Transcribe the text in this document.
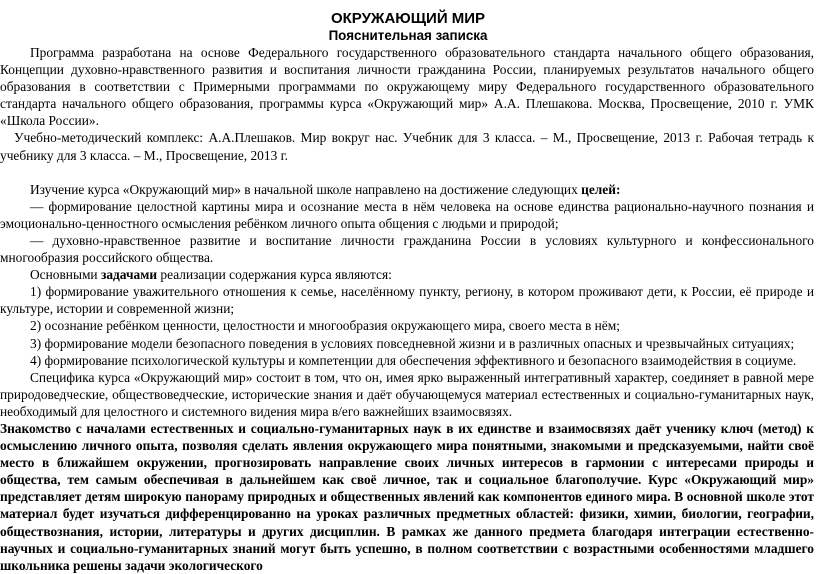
ОКРУЖАЮЩИЙ МИР
Пояснительная записка

Программа разработана на основе Федерального государственного образовательного стандарта начального общего образования, Концепции духовно-нравственного развития и воспитания личности гражданина России, планируемых результатов начального общего образования в соответствии с Примерными программами по окружающему миру Федерального государственного образовательного стандарта начального общего образования, программы курса «Окружающий мир» А.А. Плешакова. Москва, Просвещение, 2010 г. УМК «Школа России».

Учебно-методический комплекс: А.А.Плешаков. Мир вокруг нас. Учебник для 3 класса. – М., Просвещение, 2013 г. Рабочая тетрадь к учебнику для 3 класса. – М., Просвещение, 2013 г.

Изучение курса «Окружающий мир» в начальной школе направлено на достижение следующих целей:

— формирование целостной картины мира и осознание места в нём человека на основе единства рационально-научного познания и эмоционально-ценностного осмысления ребёнком личного опыта общения с людьми и природой;

— духовно-нравственное развитие и воспитание личности гражданина России в условиях культурного и конфессионального многообразия российского общества.

Основными задачами реализации содержания курса являются:

1) формирование уважительного отношения к семье, населённому пункту, региону, в котором проживают дети, к России, её природе и культуре, истории и современной жизни;

2) осознание ребёнком ценности, целостности и многообразия окружающего мира, своего места в нём;

3) формирование модели безопасного поведения в условиях повседневной жизни и в различных опасных и чрезвычайных ситуациях;

4) формирование психологической культуры и компетенции для обеспечения эффективного и безопасного взаимодействия в социуме.

Специфика курса «Окружающий мир» состоит в том, что он, имея ярко выраженный интегративный характер, соединяет в равной мере природоведческие, обществоведческие, исторические знания и даёт обучающемуся материал естественных и социально-гуманитарных наук, необходимый для целостного и системного видения мира в/его важнейших взаимосвязях.

Знакомство с началами естественных и социально-гуманитарных наук в их единстве и взаимосвязях даёт ученику ключ (метод) к осмыслению личного опыта, позволяя сделать явления окружающего мира понятными, знакомыми и предсказуемыми, найти своё место в ближайшем окружении, прогнозировать направление своих личных интересов в гармонии с интересами природы и общества, тем самым обеспечивая в дальнейшем как своё личное, так и социальное благополучие. Курс «Окружающий мир» представляет детям широкую панораму природных и общественных явлений как компонентов единого мира. В основной школе этот материал будет изучаться дифференцированно на уроках различных предметных областей: физики, химии, биологии, географии, обществознания, истории, литературы и других дисциплин. В рамках же данного предмета благодаря интеграции естественно-научных и социально-гуманитарных знаний могут быть успешно, в полном соответствии с возрастными особенностями младшего школьника решены задачи экологического
